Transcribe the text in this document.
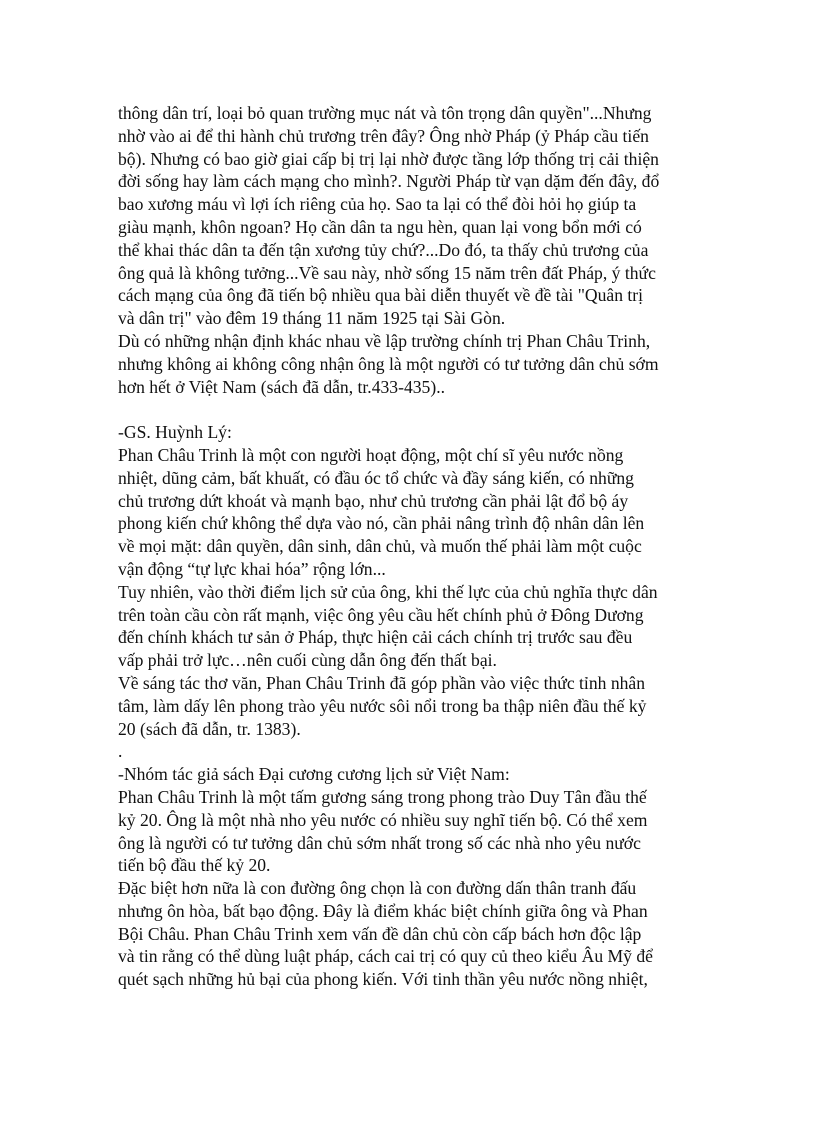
thông dân trí, loại bỏ quan trường mục nát và tôn trọng dân quyền"...Nhưng
nhờ vào ai để thi hành chủ trương trên đây? Ông nhờ Pháp (ỷ Pháp cầu tiến
bộ). Nhưng có bao giờ giai cấp bị trị lại nhờ được tầng lớp thống trị cải thiện
đời sống hay làm cách mạng cho mình?. Người Pháp từ vạn dặm đến đây, đổ
bao xương máu vì lợi ích riêng của họ. Sao ta lại có thể đòi hỏi họ giúp ta
giàu mạnh, khôn ngoan? Họ cần dân ta ngu hèn, quan lại vong bổn mới có
thể khai thác dân ta đến tận xương tủy chứ?...Do đó, ta thấy chủ trương của
ông quả là không tưởng...Về sau này, nhờ sống 15 năm trên đất Pháp, ý thức
cách mạng của ông đã tiến bộ nhiều qua bài diễn thuyết về đề tài "Quân trị
và dân trị" vào đêm 19 tháng 11 năm 1925 tại Sài Gòn.
Dù có những nhận định khác nhau về lập trường chính trị Phan Châu Trinh,
nhưng không ai không công nhận ông là một người có tư tưởng dân chủ sớm
hơn hết ở Việt Nam (sách đã dẫn, tr.433-435)..
-GS. Huỳnh Lý:
Phan Châu Trinh là một con người hoạt động, một chí sĩ yêu nước nồng
nhiệt, dũng cảm, bất khuất, có đầu óc tổ chức và đầy sáng kiến, có những
chủ trương dứt khoát và mạnh bạo, như chủ trương cần phải lật đổ bộ áy
phong kiến chứ không thể dựa vào nó, cần phải nâng trình độ nhân dân lên
về mọi mặt: dân quyền, dân sinh, dân chủ, và muốn thế phải làm một cuộc
vận động “tự lực khai hóa” rộng lớn...
Tuy nhiên, vào thời điểm lịch sử của ông, khi thế lực của chủ nghĩa thực dân
trên toàn cầu còn rất mạnh, việc ông yêu cầu hết chính phủ ở Đông Dương
đến chính khách tư sản ở Pháp, thực hiện cải cách chính trị trước sau đều
vấp phải trở lực…nên cuối cùng dẫn ông đến thất bại.
Về sáng tác thơ văn, Phan Châu Trinh đã góp phần vào việc thức tỉnh nhân
tâm, làm dấy lên phong trào yêu nước sôi nổi trong ba thập niên đầu thế kỷ
20 (sách đã dẫn, tr. 1383).
.
-Nhóm tác giả sách Đại cương cương lịch sử Việt Nam:
Phan Châu Trinh là một tấm gương sáng trong phong trào Duy Tân đầu thế
kỷ 20. Ông là một nhà nho yêu nước có nhiều suy nghĩ tiến bộ. Có thể xem
ông là người có tư tưởng dân chủ sớm nhất trong số các nhà nho yêu nước
tiến bộ đầu thế kỷ 20.
Đặc biệt hơn nữa là con đường ông chọn là con đường dấn thân tranh đấu
nhưng ôn hòa, bất bạo động. Đây là điểm khác biệt chính giữa ông và Phan
Bội Châu. Phan Châu Trinh xem vấn đề dân chủ còn cấp bách hơn độc lập
và tin rằng có thể dùng luật pháp, cách cai trị có quy củ theo kiểu Âu Mỹ để
quét sạch những hủ bại của phong kiến. Với tinh thần yêu nước nồng nhiệt,
